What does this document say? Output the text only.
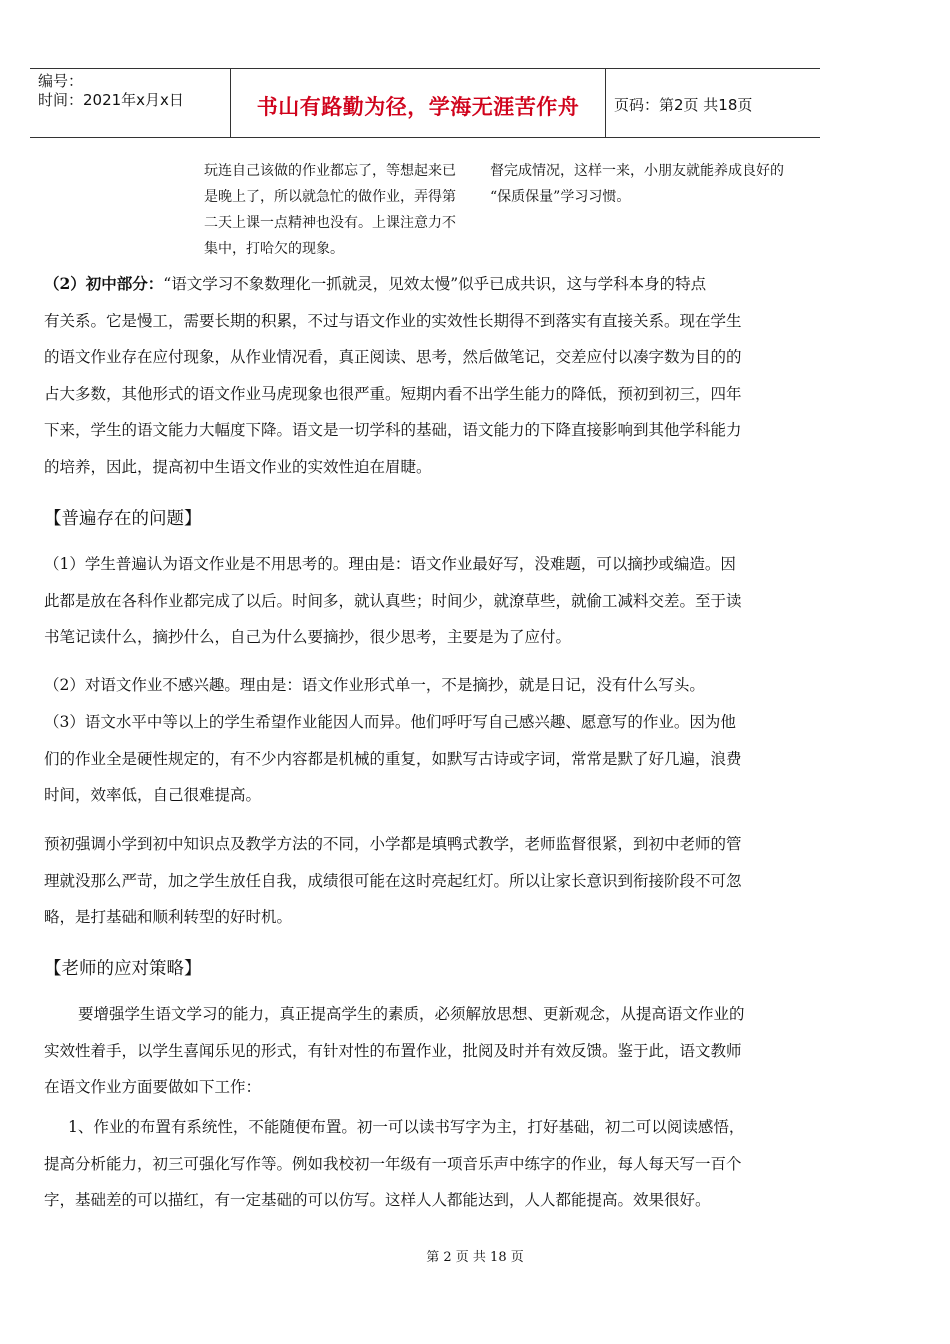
编号：
时间：2021年x月x日	书山有路勤为径，学海无涯苦作舟	页码：第2页 共18页
玩连自己该做的作业都忘了，等想起来已
是晚上了，所以就急忙的做作业，弄得第
二天上课一点精神也没有。上课注意力不
集中，打哈欠的现象。
督完成情况，这样一来，小朋友就能养成良好的
“保质保量”学习习惯。
（2）初中部分：“语文学习不象数理化一抓就灵，见效太慢”似乎已成共识，这与学科本身的特点
有关系。它是慢工，需要长期的积累，不过与语文作业的实效性长期得不到落实有直接关系。现在学生
的语文作业存在应付现象，从作业情况看，真正阅读、思考，然后做笔记，交差应付以凑字数为目的的
占大多数，其他形式的语文作业马虎现象也很严重。短期内看不出学生能力的降低，预初到初三，四年
下来，学生的语文能力大幅度下降。语文是一切学科的基础，语文能力的下降直接影响到其他学科能力
的培养，因此，提高初中生语文作业的实效性迫在眉睫。
【普遍存在的问题】
（1）学生普遍认为语文作业是不用思考的。理由是：语文作业最好写，没难题，可以摘抄或编造。因
此都是放在各科作业都完成了以后。时间多，就认真些；时间少，就潦草些，就偷工减料交差。至于读
书笔记读什么，摘抄什么，自己为什么要摘抄，很少思考，主要是为了应付。
（2）对语文作业不感兴趣。理由是：语文作业形式单一，不是摘抄，就是日记，没有什么写头。
（3）语文水平中等以上的学生希望作业能因人而异。他们呼吁写自己感兴趣、愿意写的作业。因为他
们的作业全是硬性规定的，有不少内容都是机械的重复，如默写古诗或字词，常常是默了好几遍，浪费
时间，效率低，自己很难提高。
预初强调小学到初中知识点及教学方法的不同，小学都是填鸭式教学，老师监督很紧，到初中老师的管
理就没那么严苛，加之学生放任自我，成绩很可能在这时亮起红灯。所以让家长意识到衔接阶段不可忽
略，是打基础和顺利转型的好时机。
【老师的应对策略】
要增强学生语文学习的能力，真正提高学生的素质，必须解放思想、更新观念，从提高语文作业的
实效性着手，以学生喜闻乐见的形式，有针对性的布置作业，批阅及时并有效反馈。鉴于此，语文教师
在语文作业方面要做如下工作：
1、作业的布置有系统性，不能随便布置。初一可以读书写字为主，打好基础，初二可以阅读感悟，
提高分析能力，初三可强化写作等。例如我校初一年级有一项音乐声中练字的作业，每人每天写一百个
字，基础差的可以描红，有一定基础的可以仿写。这样人人都能达到，人人都能提高。效果很好。
第 2 页 共 18 页
